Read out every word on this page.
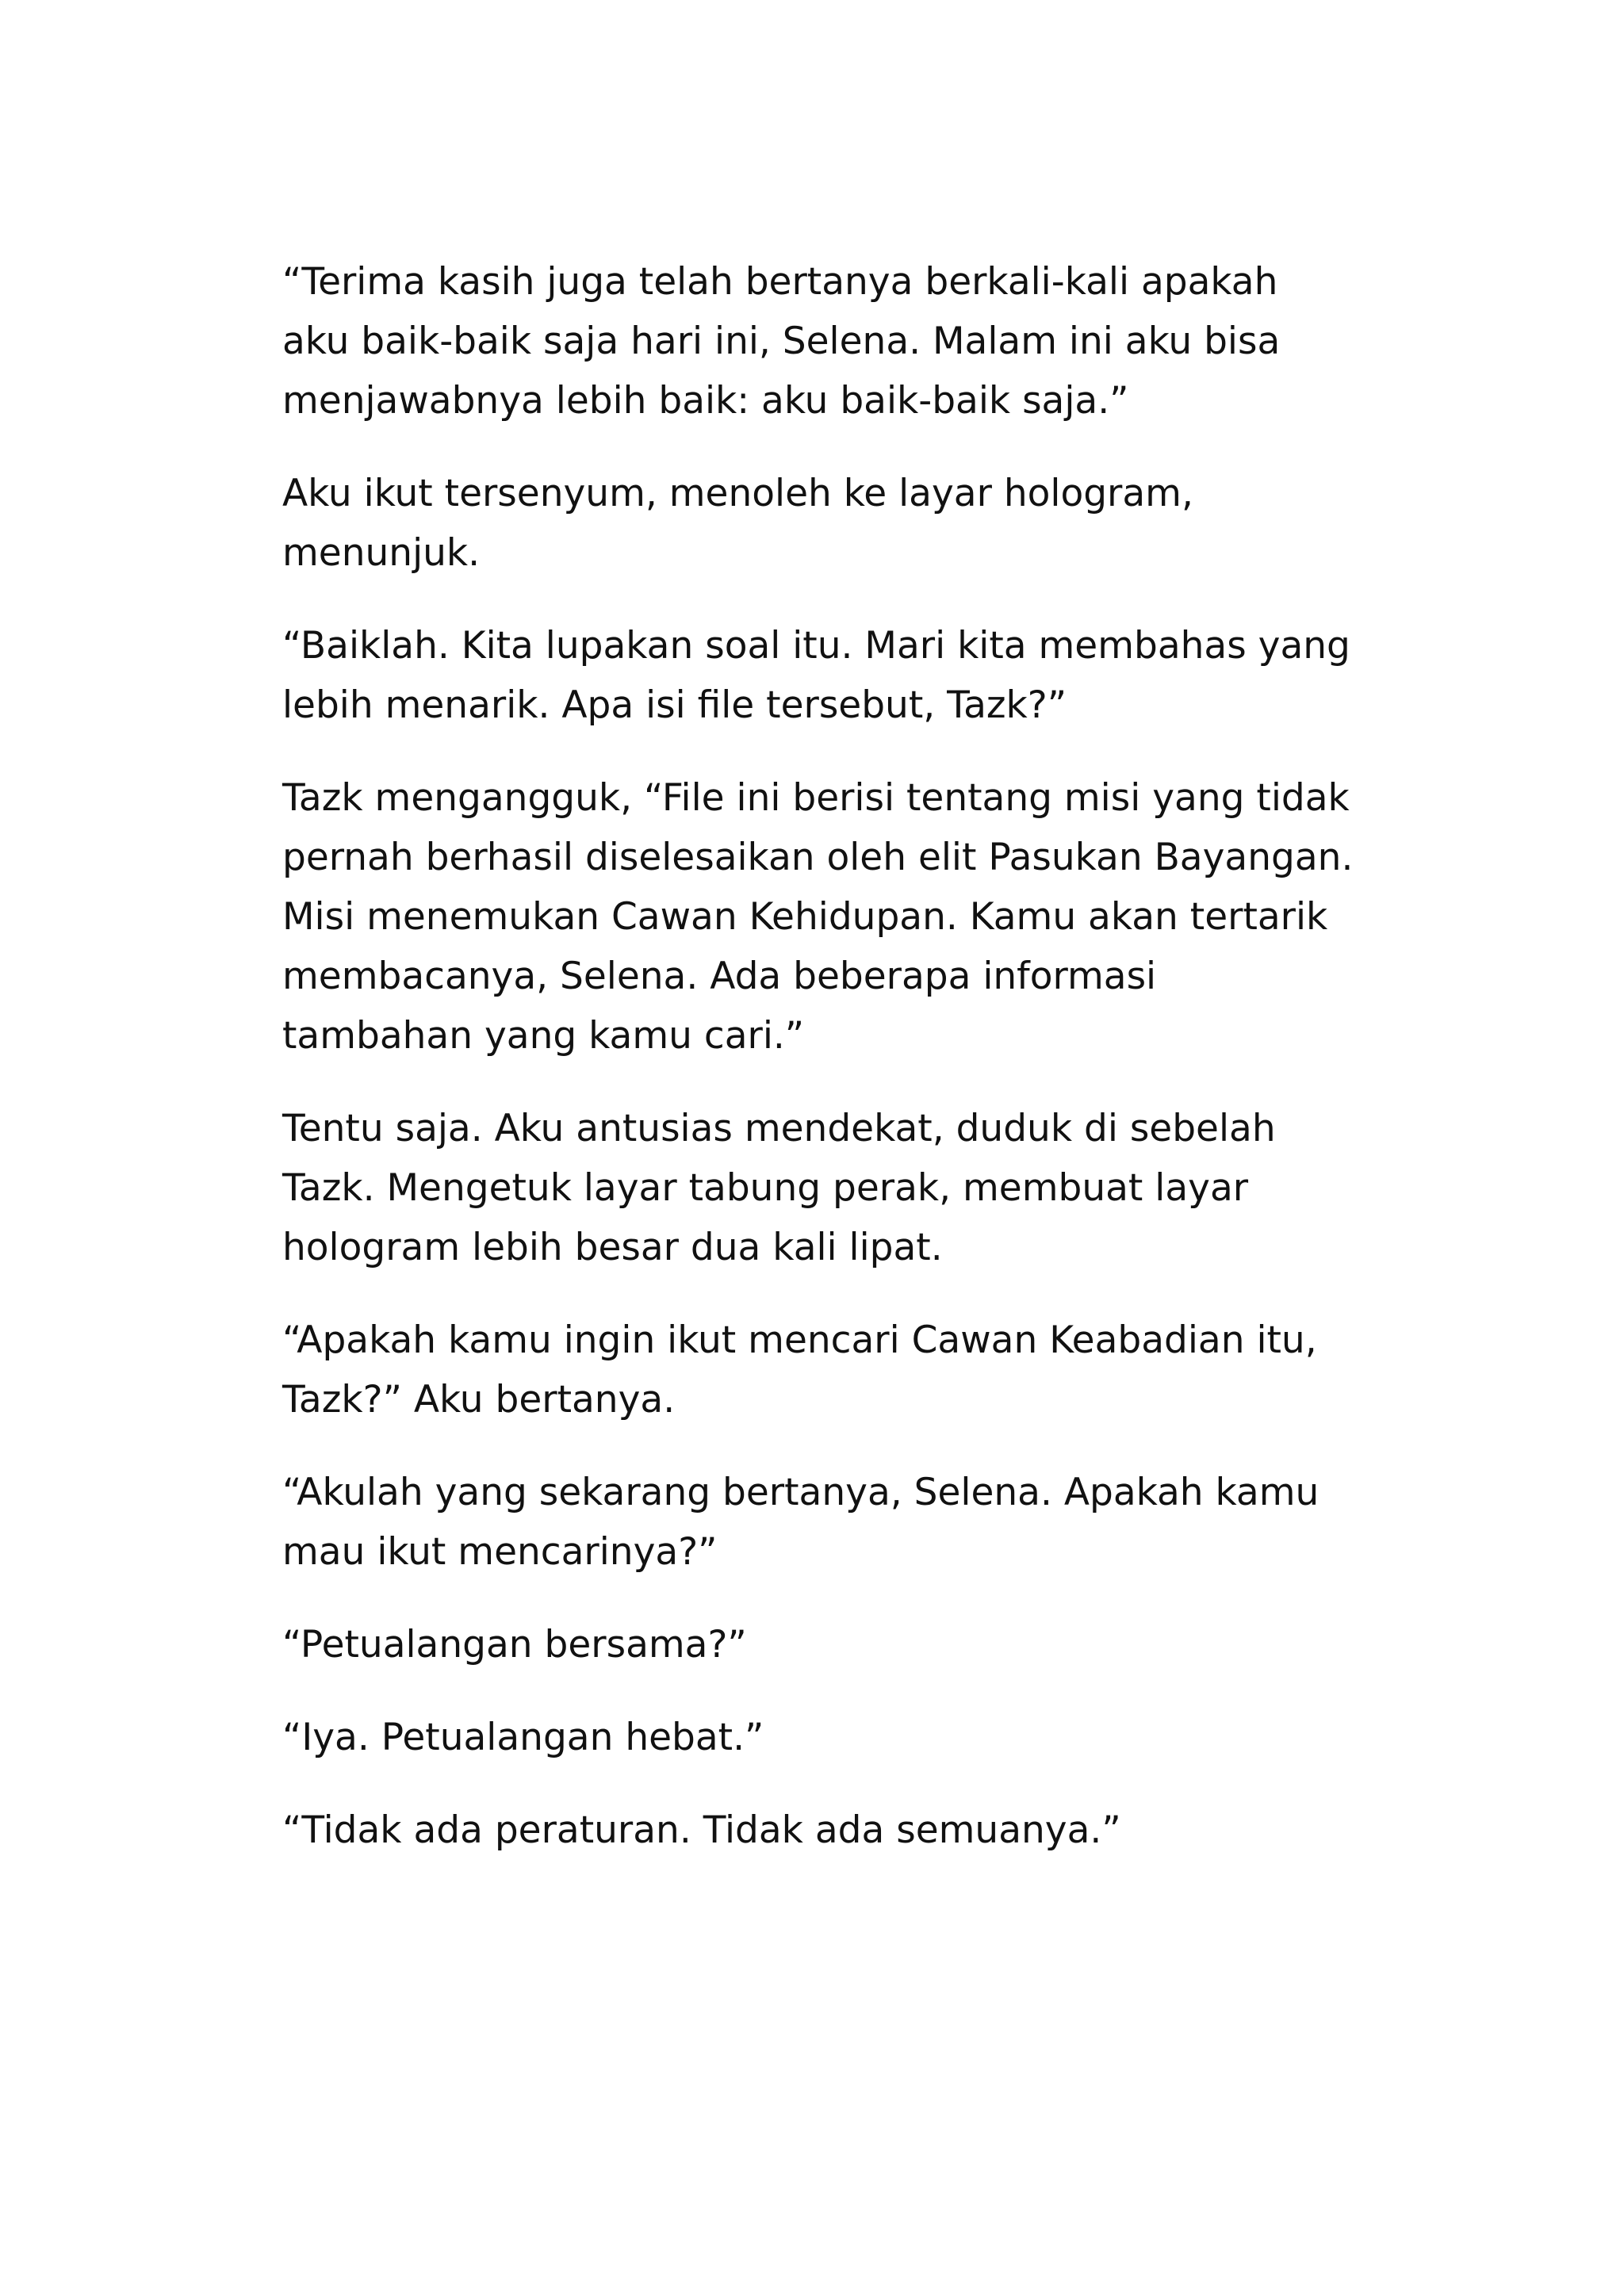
“Terima kasih juga telah bertanya berkali-kali apakah
aku baik-baik saja hari ini, Selena. Malam ini aku bisa
menjawabnya lebih baik: aku baik-baik saja.”

Aku ikut tersenyum, menoleh ke layar hologram,
menunjuk.

“Baiklah. Kita lupakan soal itu. Mari kita membahas yang
lebih menarik. Apa isi file tersebut, Tazk?”

Tazk mengangguk, “File ini berisi tentang misi yang tidak
pernah berhasil diselesaikan oleh elit Pasukan Bayangan.
Misi menemukan Cawan Kehidupan. Kamu akan tertarik
membacanya, Selena. Ada beberapa informasi
tambahan yang kamu cari.”

Tentu saja. Aku antusias mendekat, duduk di sebelah
Tazk. Mengetuk layar tabung perak, membuat layar
hologram lebih besar dua kali lipat.

“Apakah kamu ingin ikut mencari Cawan Keabadian itu,
Tazk?” Aku bertanya.

“Akulah yang sekarang bertanya, Selena. Apakah kamu
mau ikut mencarinya?”

“Petualangan bersama?”

“Iya. Petualangan hebat.”

“Tidak ada peraturan. Tidak ada semuanya.”
